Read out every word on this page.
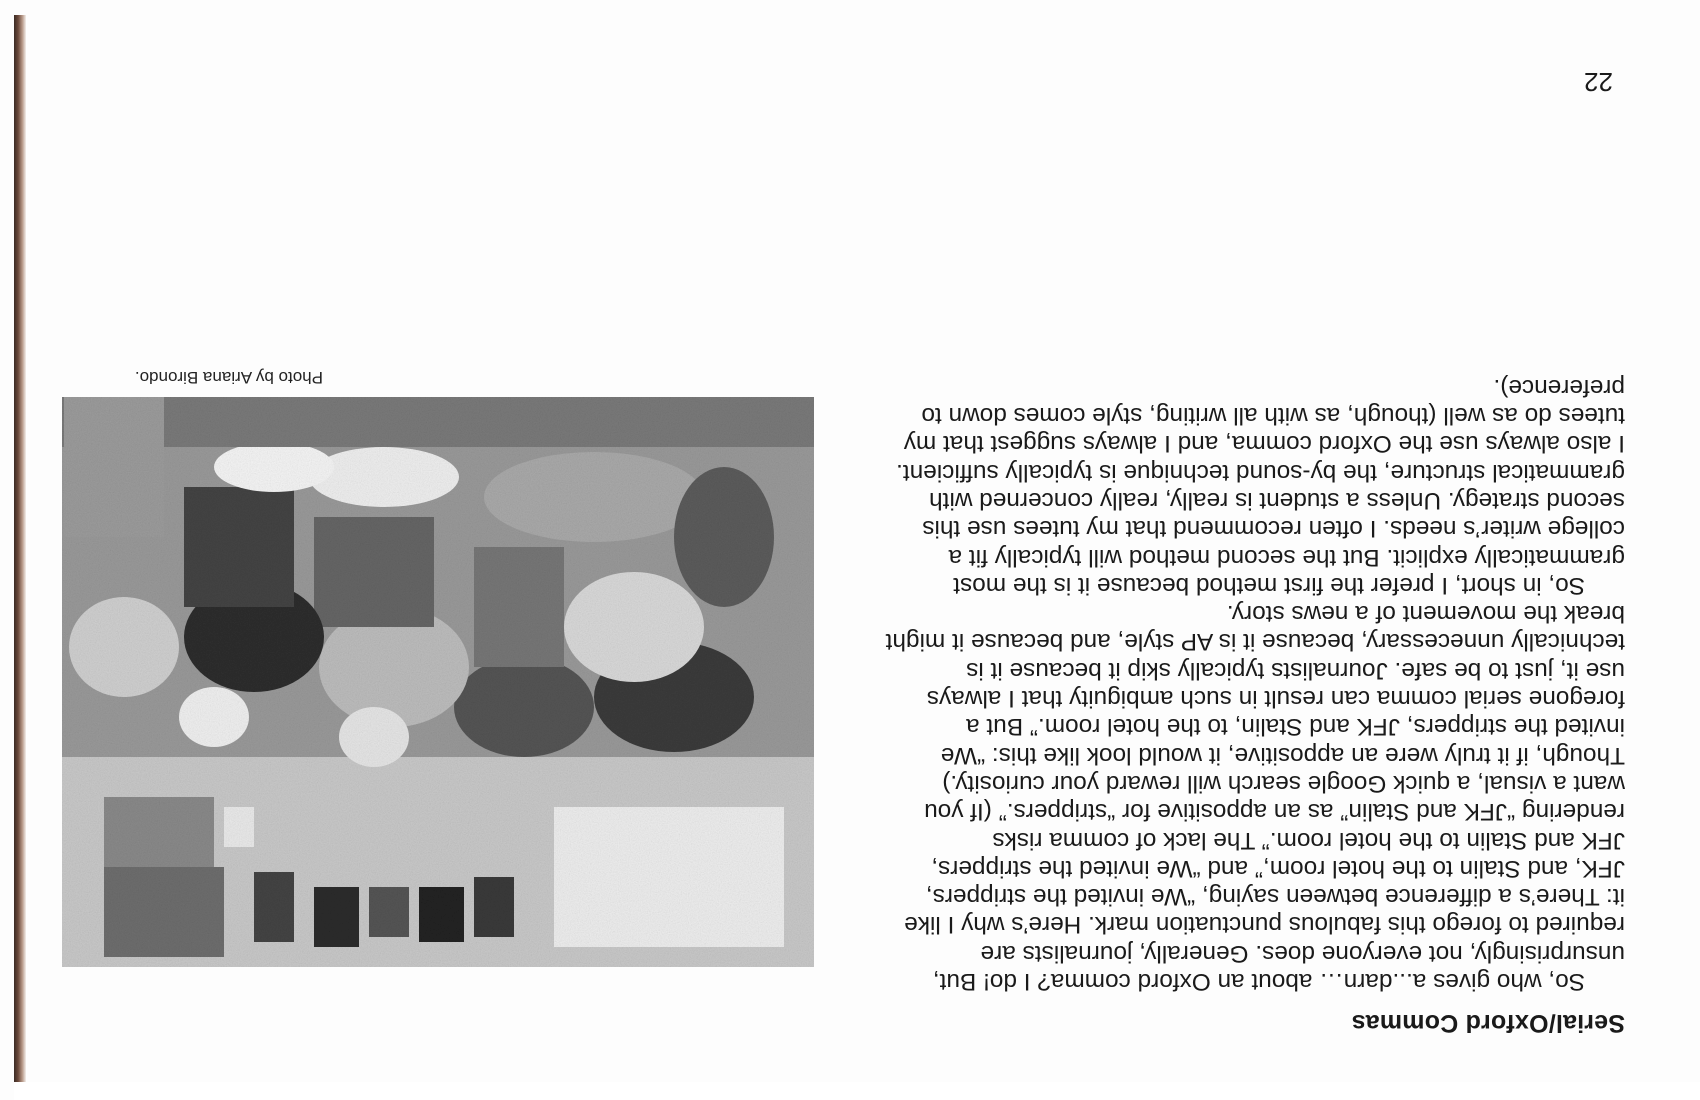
Serial/Oxford Commas

So, who gives a...darn… about an Oxford comma? I do! But, unsurprisingly, not everyone does. Generally, journalists are required to forego this fabulous punctuation mark. Here’s why I like it: There’s a difference between saying, “We invited the strippers, JFK, and Stalin to the hotel room,” and “We invited the strippers, JFK and Stalin to the hotel room.” The lack of comma risks rendering “JFK and Stalin” as an appositive for “strippers.” (If you want a visual, a quick Google search will reward your curiosity.) Though, if it truly were an appositive, it would look like this: “We invited the strippers, JFK and Stalin, to the hotel room.” But a foregone serial comma can result in such ambiguity that I always use it, just to be safe. Journalists typically skip it because it is technically unnecessary, because it is AP style, and because it might break the movement of a news story.

So, in short, I prefer the first method because it is the most grammatically explicit. But the second method will typically fit a college writer’s needs. I often recommend that my tutees use this second strategy. Unless a student is really, really concerned with grammatical structure, the by-sound technique is typically sufficient. I also always use the Oxford comma, and I always suggest that my tutees do as well (though, as with all writing, style comes down to preference).

Photo by Ariana Birondo.
22
